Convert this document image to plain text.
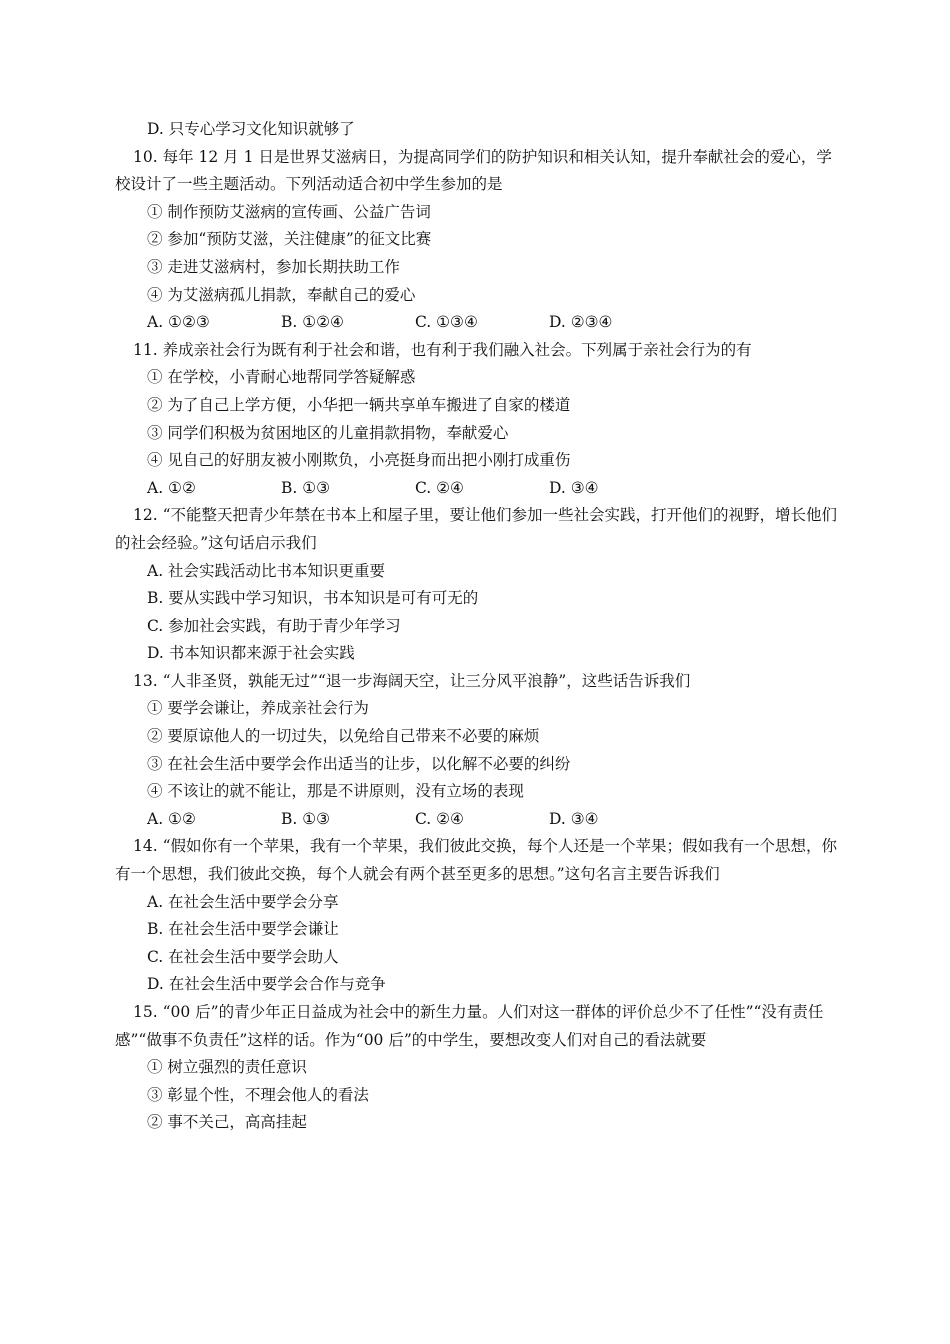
D. 只专心学习文化知识就够了
10. 每年 12 月 1 日是世界艾滋病日，为提高同学们的防护知识和相关认知，提升奉献社会的爱心，学校设计了一些主题活动。下列活动适合初中学生参加的是
① 制作预防艾滋病的宣传画、公益广告词
② 参加“预防艾滋，关注健康”的征文比赛
③ 走进艾滋病村，参加长期扶助工作
④ 为艾滋病孤儿捐款，奉献自己的爱心
A. ①②③	B. ①②④	C. ①③④	D. ②③④
11. 养成亲社会行为既有利于社会和谐，也有利于我们融入社会。下列属于亲社会行为的有
① 在学校，小青耐心地帮同学答疑解惑
② 为了自己上学方便，小华把一辆共享单车搬进了自家的楼道
③ 同学们积极为贫困地区的儿童捐款捐物，奉献爱心
④ 见自己的好朋友被小刚欺负，小亮挺身而出把小刚打成重伤
A. ①②	B. ①③	C. ②④	D. ③④
12. “不能整天把青少年禁在书本上和屋子里，要让他们参加一些社会实践，打开他们的视野，增长他们的社会经验。”这句话启示我们
A. 社会实践活动比书本知识更重要
B. 要从实践中学习知识，书本知识是可有可无的
C. 参加社会实践，有助于青少年学习
D. 书本知识都来源于社会实践
13. “人非圣贤，孰能无过”“退一步海阔天空，让三分风平浪静”，这些话告诉我们
① 要学会谦让，养成亲社会行为
② 要原谅他人的一切过失，以免给自己带来不必要的麻烦
③ 在社会生活中要学会作出适当的让步，以化解不必要的纠纷
④ 不该让的就不能让，那是不讲原则，没有立场的表现
A. ①②	B. ①③	C. ②④	D. ③④
14. “假如你有一个苹果，我有一个苹果，我们彼此交换，每个人还是一个苹果；假如我有一个思想，你有一个思想，我们彼此交换，每个人就会有两个甚至更多的思想。”这句名言主要告诉我们
A. 在社会生活中要学会分享
B. 在社会生活中要学会谦让
C. 在社会生活中要学会助人
D. 在社会生活中要学会合作与竞争
15. “00 后”的青少年正日益成为社会中的新生力量。人们对这一群体的评价总少不了任性”“没有责任感”“做事不负责任”这样的话。作为“00 后”的中学生，要想改变人们对自己的看法就要
① 树立强烈的责任意识
③ 彰显个性，不理会他人的看法
② 事不关己，高高挂起
